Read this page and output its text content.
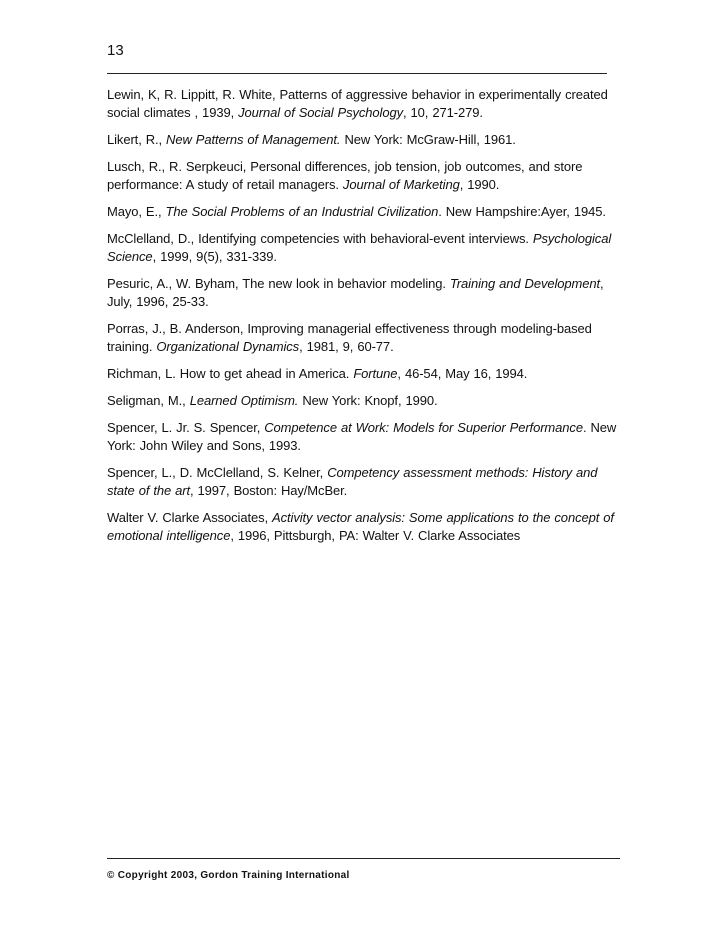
13

Lewin, K, R. Lippitt, R. White, Patterns of aggressive behavior in experimentally created social climates , 1939, Journal of Social Psychology, 10, 271-279.

Likert, R., New Patterns of Management. New York: McGraw-Hill, 1961.

Lusch, R., R. Serpkeuci, Personal differences, job tension, job outcomes, and store performance: A study of retail managers. Journal of Marketing, 1990.

Mayo, E., The Social Problems of an Industrial Civilization. New Hampshire:Ayer, 1945.

McClelland, D., Identifying competencies with behavioral-event interviews. Psychological Science, 1999, 9(5), 331-339.

Pesuric, A., W. Byham, The new look in behavior modeling. Training and Development, July, 1996, 25-33.

Porras, J., B. Anderson, Improving managerial effectiveness through modeling-based training. Organizational Dynamics, 1981, 9, 60-77.

Richman, L. How to get ahead in America. Fortune, 46-54, May 16, 1994.

Seligman, M., Learned Optimism. New York: Knopf, 1990.

Spencer, L. Jr. S. Spencer, Competence at Work: Models for Superior Performance. New York: John Wiley and Sons, 1993.

Spencer, L., D. McClelland, S. Kelner, Competency assessment methods: History and state of the art, 1997, Boston: Hay/McBer.

Walter V. Clarke Associates, Activity vector analysis: Some applications to the concept of emotional intelligence, 1996, Pittsburgh, PA: Walter V. Clarke Associates

© Copyright 2003, Gordon Training International
